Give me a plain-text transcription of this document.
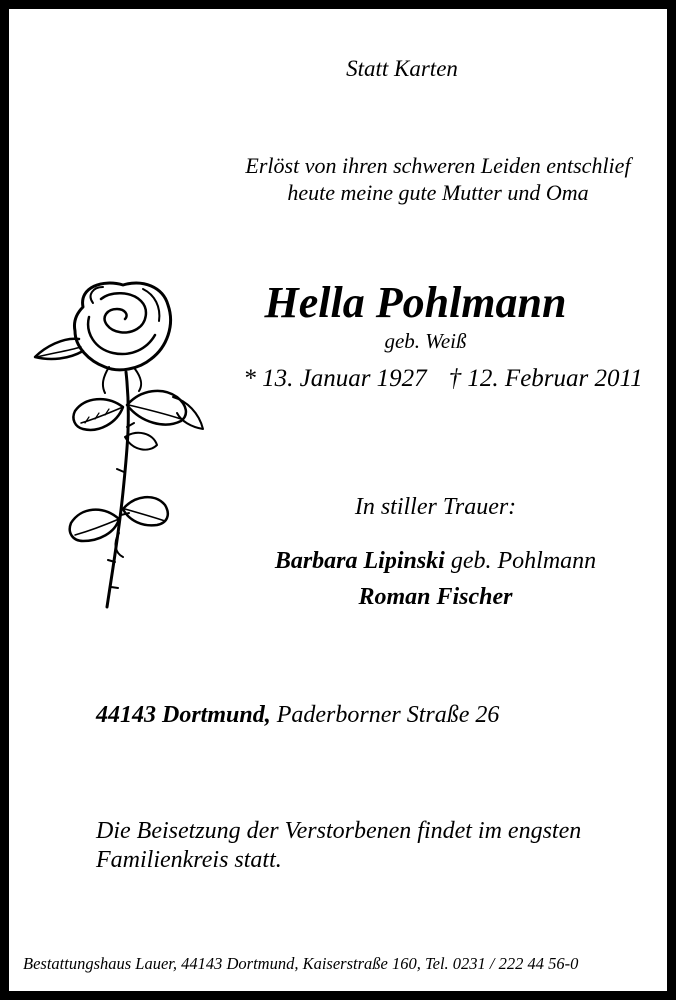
Statt Karten
Erlöst von ihren schweren Leiden entschlief
heute meine gute Mutter und Oma
Hella Pohlmann
geb. Weiß
* 13. Januar 1927 † 12. Februar 2011
In stiller Trauer:
Barbara Lipinski geb. Pohlmann
Roman Fischer
44143 Dortmund, Paderborner Straße 26
Die Beisetzung der Verstorbenen findet im engsten
Familienkreis statt.
Bestattungshaus Lauer, 44143 Dortmund, Kaiserstraße 160, Tel. 0231 / 222 44 56-0
